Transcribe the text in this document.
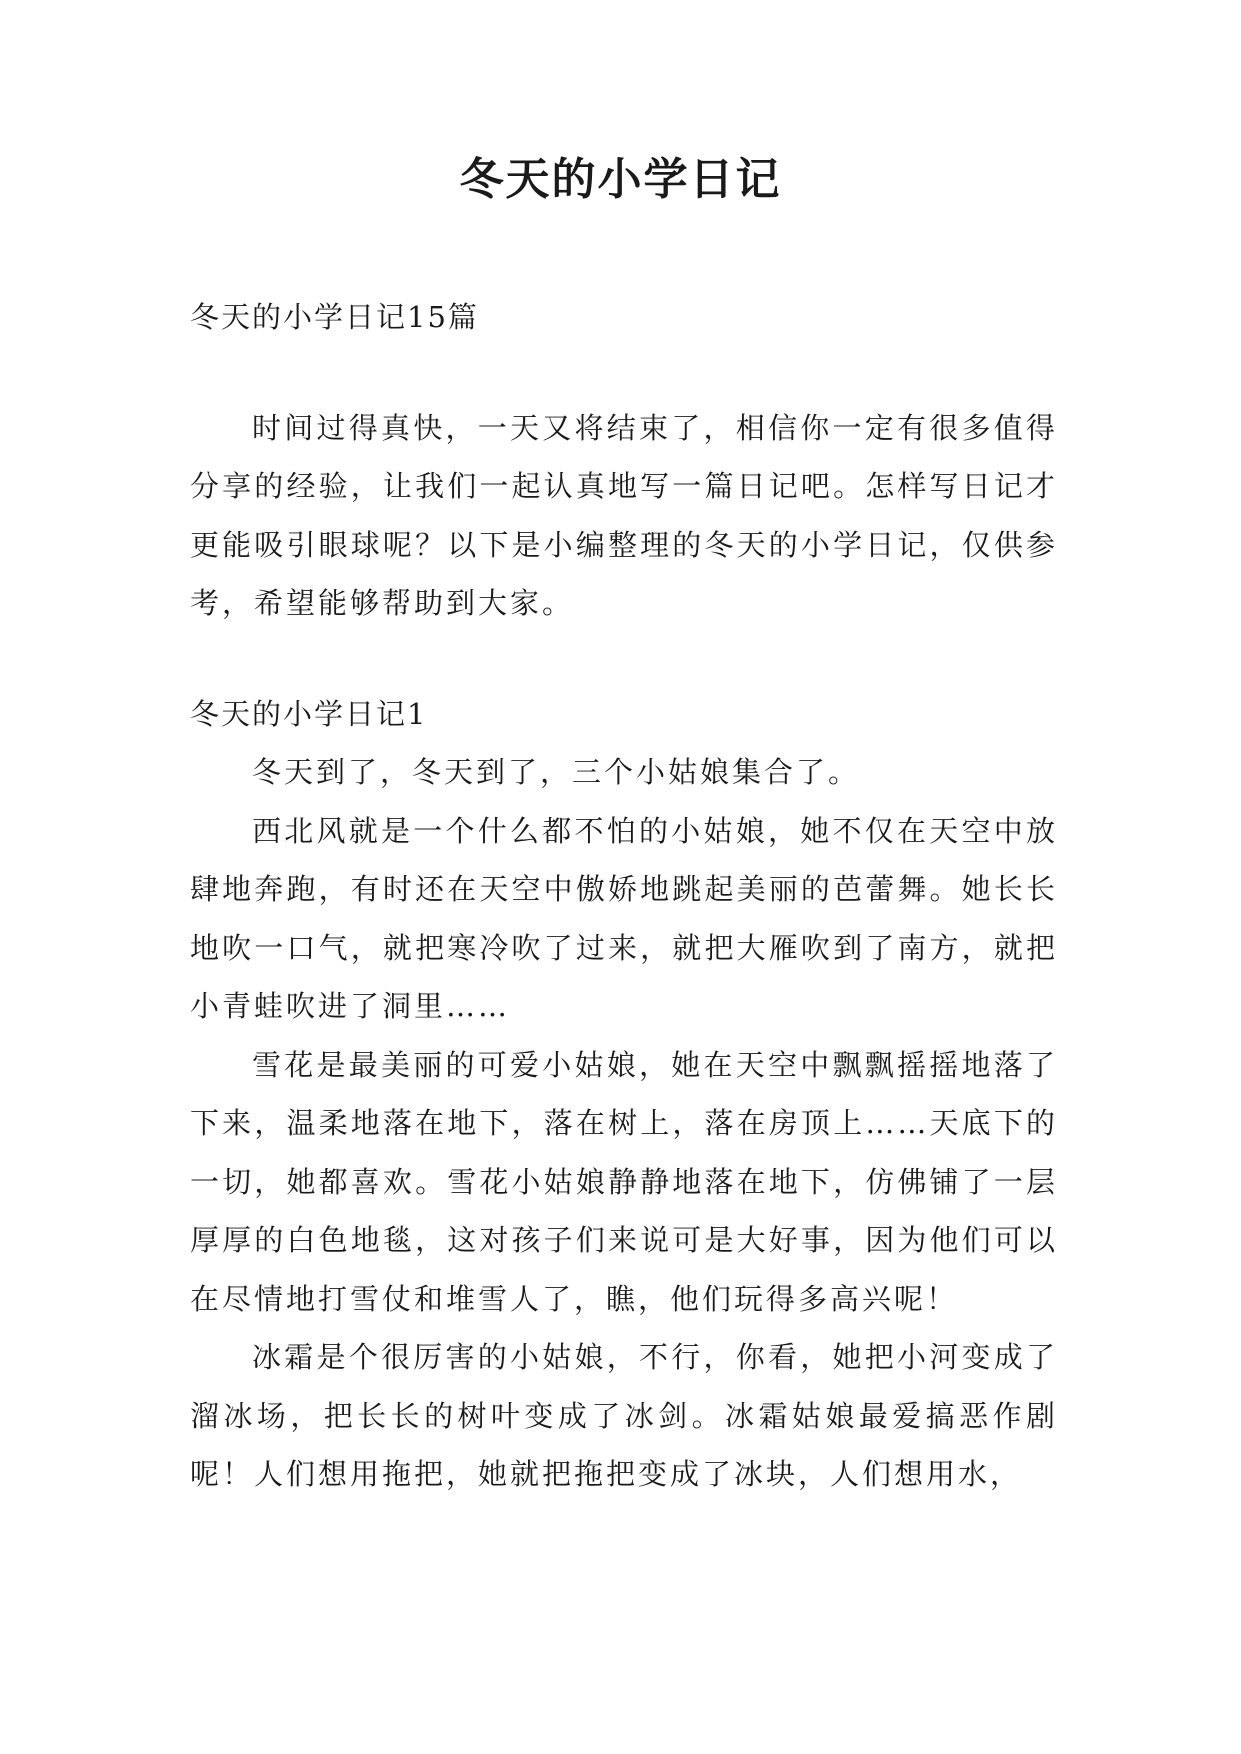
冬天的小学日记

冬天的小学日记15篇

时间过得真快，一天又将结束了，相信你一定有很多值得分享的经验，让我们一起认真地写一篇日记吧。怎样写日记才更能吸引眼球呢？以下是小编整理的冬天的小学日记，仅供参考，希望能够帮助到大家。

冬天的小学日记1

冬天到了，冬天到了，三个小姑娘集合了。

西北风就是一个什么都不怕的小姑娘，她不仅在天空中放肆地奔跑，有时还在天空中傲娇地跳起美丽的芭蕾舞。她长长地吹一口气，就把寒冷吹了过来，就把大雁吹到了南方，就把小青蛙吹进了洞里……

雪花是最美丽的可爱小姑娘，她在天空中飘飘摇摇地落了下来，温柔地落在地下，落在树上，落在房顶上……天底下的一切，她都喜欢。雪花小姑娘静静地落在地下，仿佛铺了一层厚厚的白色地毯，这对孩子们来说可是大好事，因为他们可以在尽情地打雪仗和堆雪人了，瞧，他们玩得多高兴呢！

冰霜是个很厉害的小姑娘，不行，你看，她把小河变成了溜冰场，把长长的树叶变成了冰剑。冰霜姑娘最爱搞恶作剧呢！人们想用拖把，她就把拖把变成了冰块，人们想用水，
